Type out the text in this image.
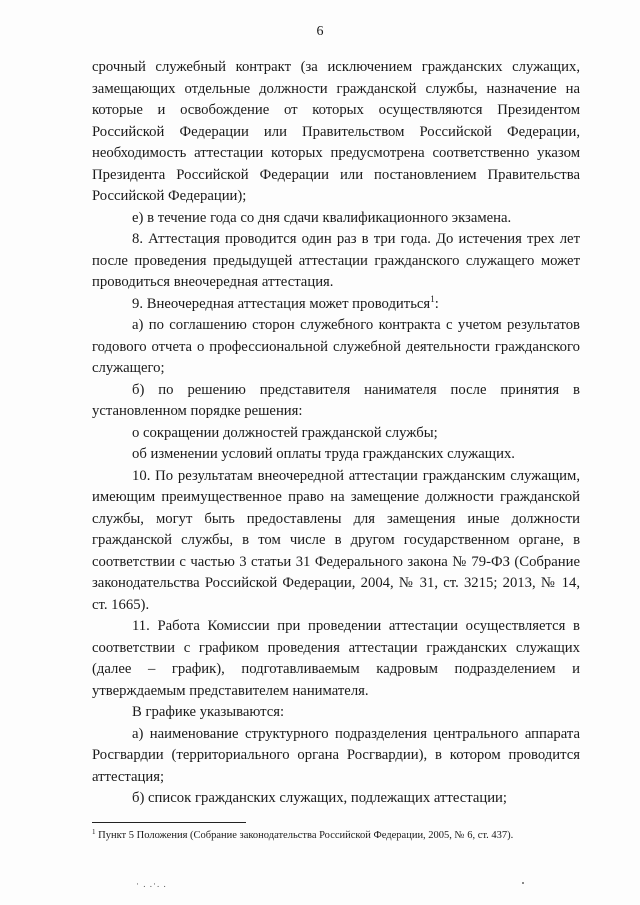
6

срочный служебный контракт (за исключением гражданских служащих, замещающих отдельные должности гражданской службы, назначение на которые и освобождение от которых осуществляются Президентом Российской Федерации или Правительством Российской Федерации, необходимость аттестации которых предусмотрена соответственно указом Президента Российской Федерации или постановлением Правительства Российской Федерации);

е) в течение года со дня сдачи квалификационного экзамена.

8. Аттестация проводится один раз в три года. До истечения трех лет после проведения предыдущей аттестации гражданского служащего может проводиться внеочередная аттестация.

9. Внеочередная аттестация может проводиться$^1$:

а) по соглашению сторон служебного контракта с учетом результатов годового отчета о профессиональной служебной деятельности гражданского служащего;

б) по решению представителя нанимателя после принятия в установленном порядке решения:

о сокращении должностей гражданской службы;

об изменении условий оплаты труда гражданских служащих.

10. По результатам внеочередной аттестации гражданским служащим, имеющим преимущественное право на замещение должности гражданской службы, могут быть предоставлены для замещения иные должности гражданской службы, в том числе в другом государственном органе, в соответствии с частью 3 статьи 31 Федерального закона № 79-ФЗ (Собрание законодательства Российской Федерации, 2004, № 31, ст. 3215; 2013, № 14, ст. 1665).

11. Работа Комиссии при проведении аттестации осуществляется в соответствии с графиком проведения аттестации гражданских служащих (далее – график), подготавливаемым кадровым подразделением и утверждаемым представителем нанимателя.

В графике указываются:

а) наименование структурного подразделения центрального аппарата Росгвардии (территориального органа Росгвардии), в котором проводится аттестация;

б) список гражданских служащих, подлежащих аттестации;

$^1$ Пункт 5 Положения (Собрание законодательства Российской Федерации, 2005, № 6, ст. 437).
· . .·. .
